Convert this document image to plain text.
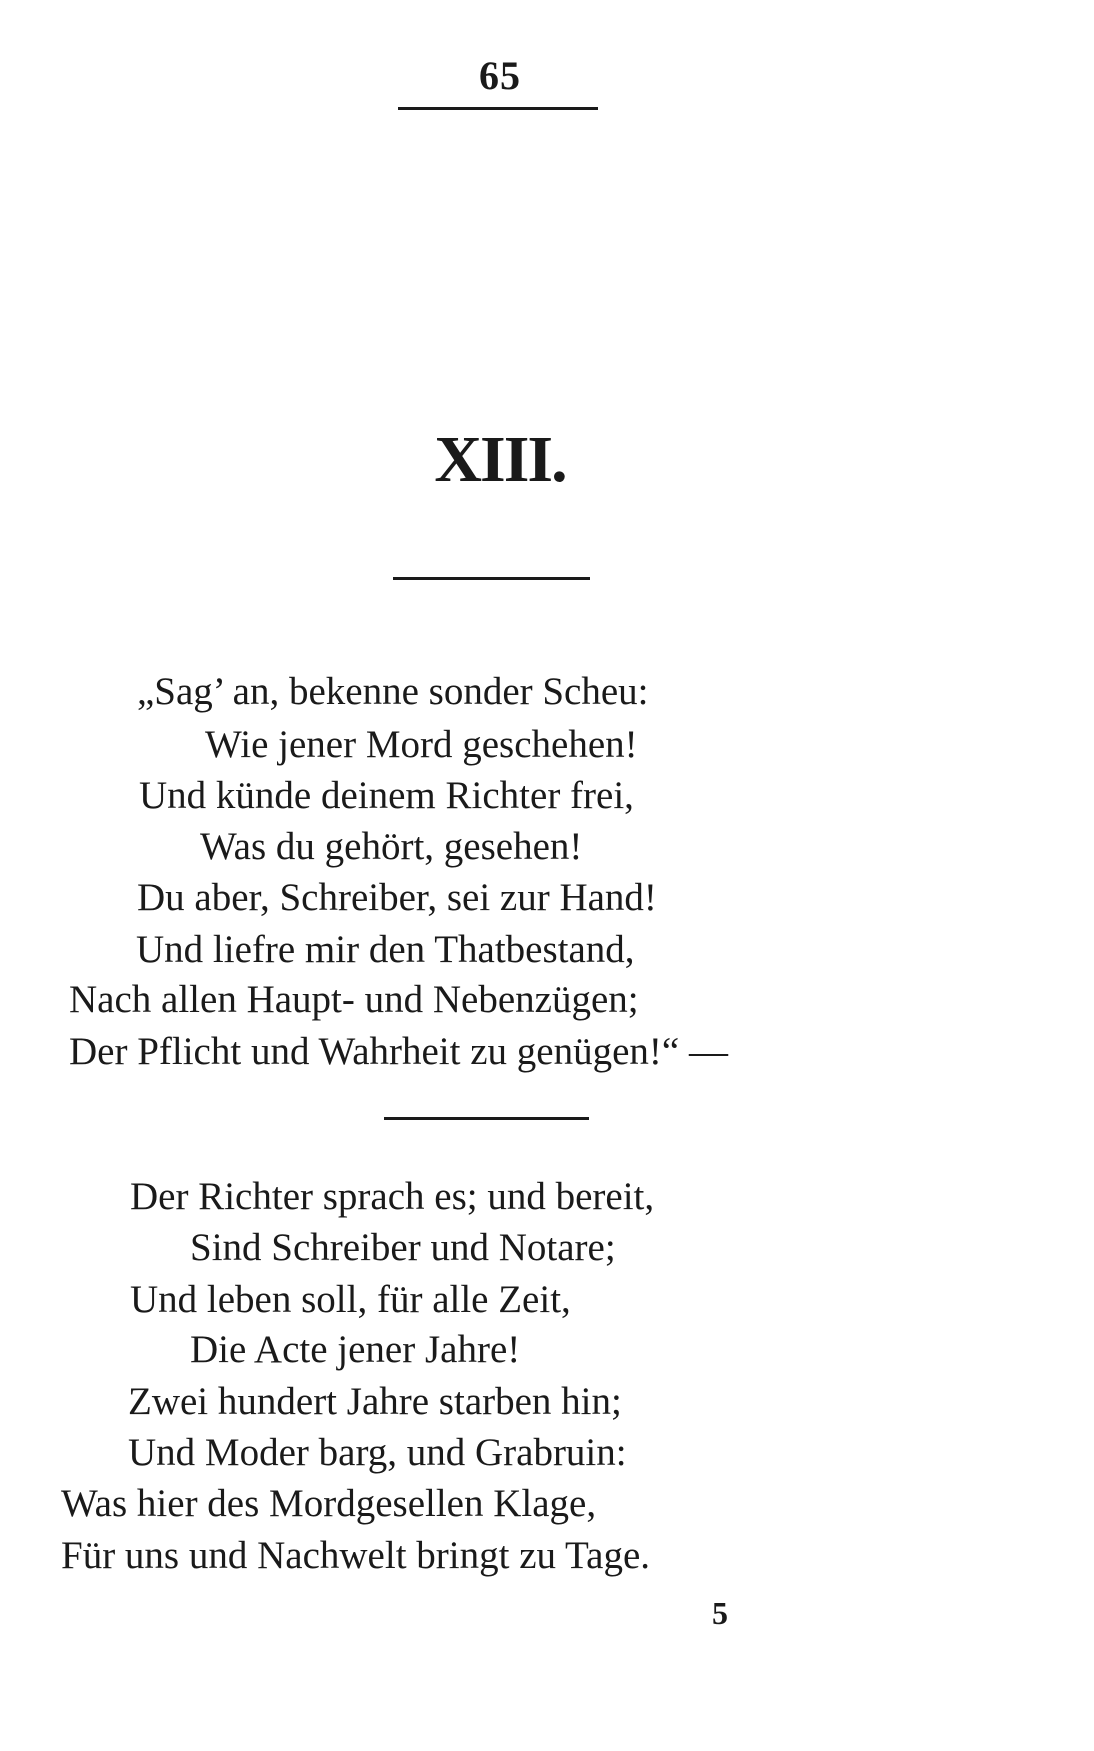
65
XIII.
„Sag’ an, bekenne sonder Scheu:
Wie jener Mord geschehen!
Und künde deinem Richter frei,
Was du gehört, gesehen!
Du aber, Schreiber, sei zur Hand!
Und liefre mir den Thatbestand,
Nach allen Haupt- und Nebenzügen;
Der Pflicht und Wahrheit zu genügen!“ —
Der Richter sprach es; und bereit,
Sind Schreiber und Notare;
Und leben soll, für alle Zeit,
Die Acte jener Jahre!
Zwei hundert Jahre starben hin;
Und Moder barg, und Grabruin:
Was hier des Mordgesellen Klage,
Für uns und Nachwelt bringt zu Tage.
5
